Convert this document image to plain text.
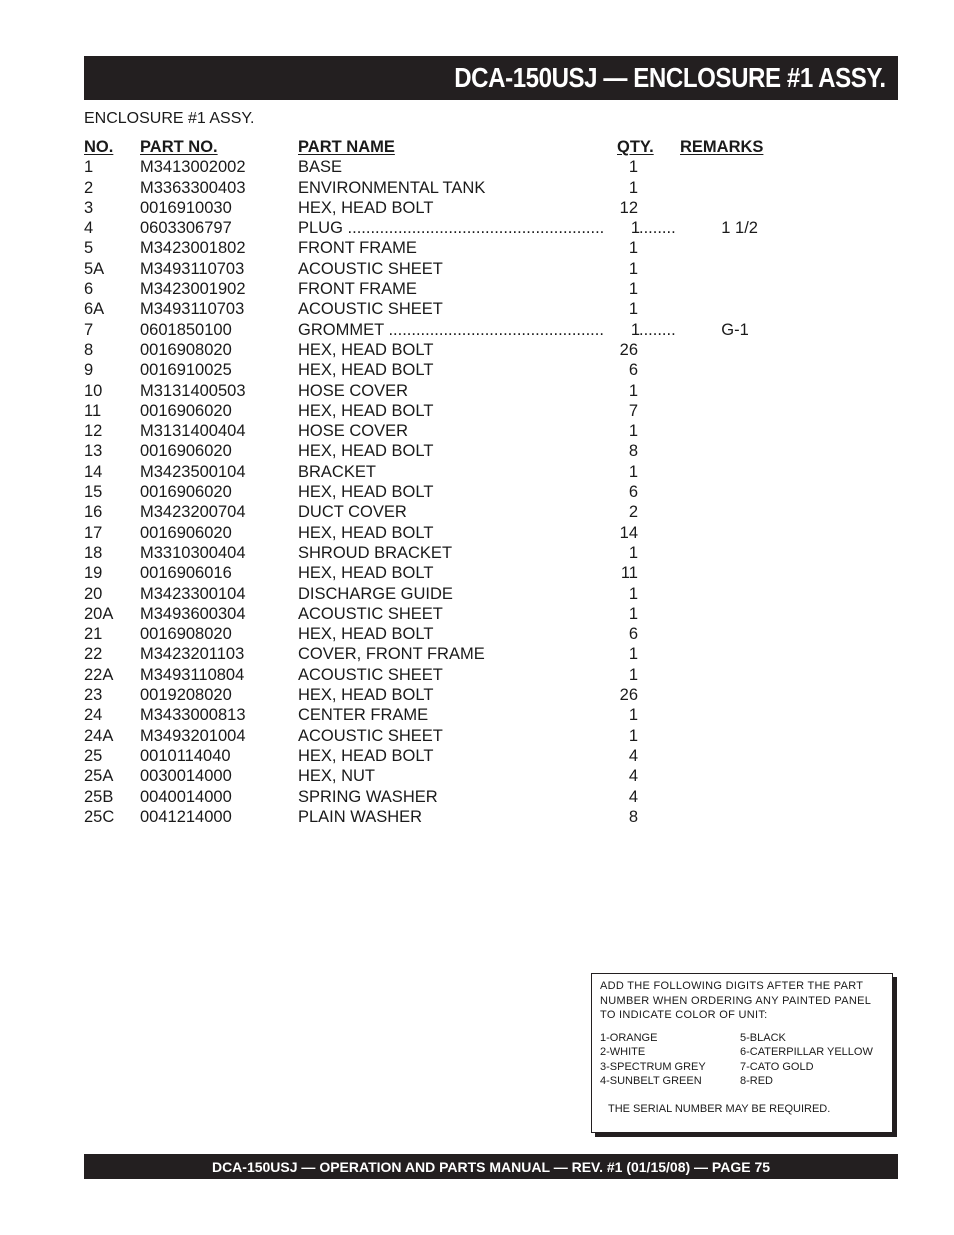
DCA-150USJ — ENCLOSURE #1 ASSY.
ENCLOSURE #1 ASSY.
NO. PART NO.	PART NAME	QTY. REMARKS
1	M3413002002	BASE	1
2	M3363300403	ENVIRONMENTAL TANK	1
3	0016910030	HEX, HEAD BOLT	12
4	0603306797	PLUG .....	1	..... 1 1/2
5	M3423001802	FRONT FRAME	1
5A M3493110703	ACOUSTIC SHEET	1
6	M3423001902	FRONT FRAME	1
6A M3493110703	ACOUSTIC SHEET	1
7	0601850100	GROMMET .....	1	..... G-1
8	0016908020	HEX, HEAD BOLT	26
9	0016910025	HEX, HEAD BOLT	6
10 M3131400503	HOSE COVER	1
11 0016906020	HEX, HEAD BOLT	7
12 M3131400404	HOSE COVER	1
13 0016906020	HEX, HEAD BOLT	8
14 M3423500104	BRACKET	1
15 0016906020	HEX, HEAD BOLT	6
16 M3423200704	DUCT COVER	2
17 0016906020	HEX, HEAD BOLT	14
18 M3310300404	SHROUD BRACKET	1
19 0016906016	HEX, HEAD BOLT	11
20 M3423300104	DISCHARGE GUIDE	1
20A M3493600304	ACOUSTIC SHEET	1
21 0016908020	HEX, HEAD BOLT	6
22 M3423201103	COVER, FRONT FRAME	1
22A M3493110804	ACOUSTIC SHEET	1
23 0019208020	HEX, HEAD BOLT	26
24 M3433000813	CENTER FRAME	1
24A M3493201004	ACOUSTIC SHEET	1
25 0010114040	HEX, HEAD BOLT	4
25A 0030014000	HEX, NUT	4
25B 0040014000	SPRING WASHER	4
25C 0041214000	PLAIN WASHER	8
ADD THE FOLLOWING DIGITS AFTER THE PART NUMBER WHEN ORDERING ANY PAINTED PANEL TO INDICATE COLOR OF UNIT:
1-ORANGE	5-BLACK
2-WHITE	6-CATERPILLAR YELLOW
3-SPECTRUM GREY	7-CATO GOLD
4-SUNBELT GREEN	8-RED
THE SERIAL NUMBER MAY BE REQUIRED.
DCA-150USJ — OPERATION AND PARTS MANUAL — REV. #1 (01/15/08) — PAGE 75
